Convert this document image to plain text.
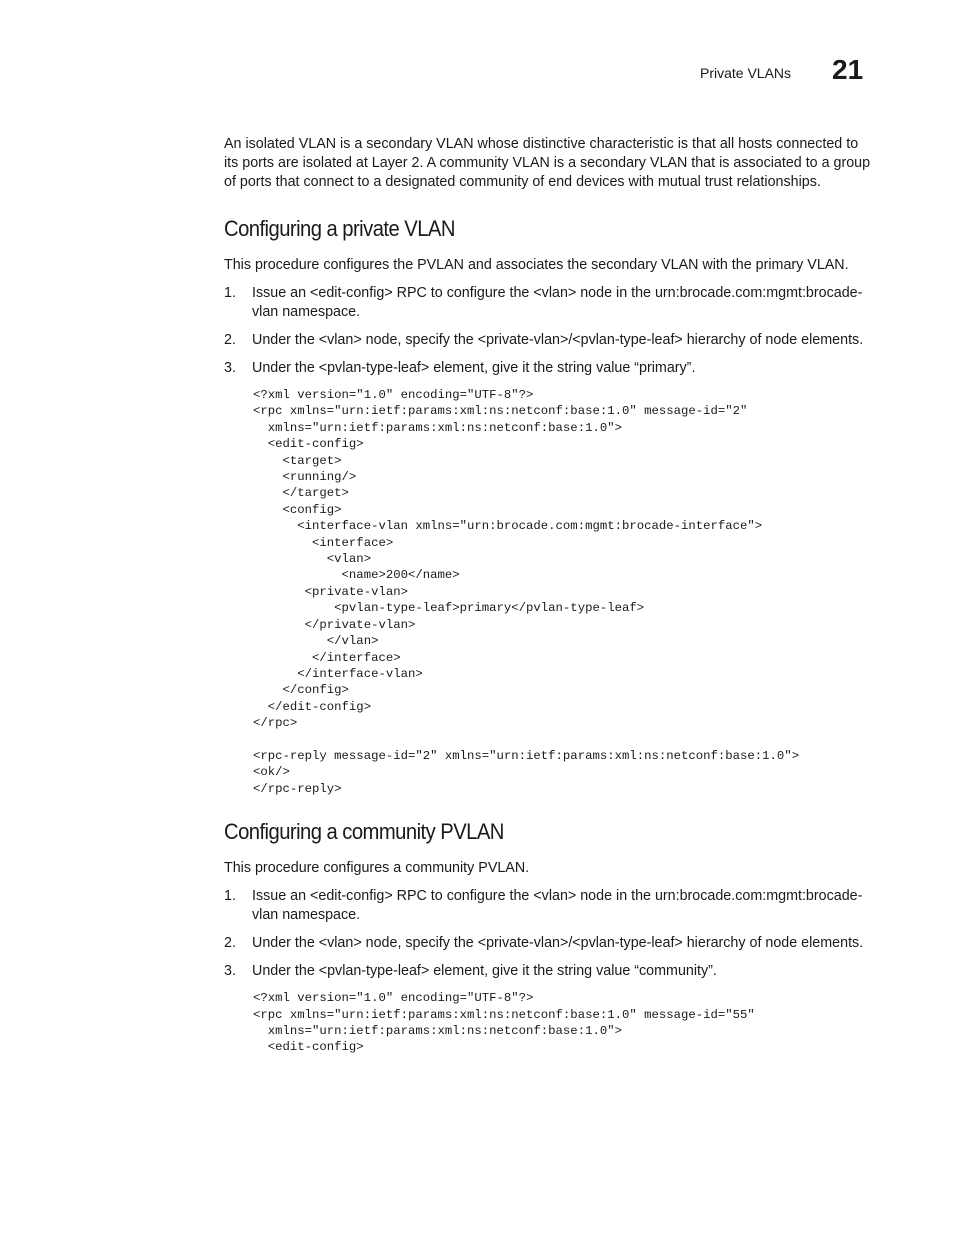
Private VLANs 21

An isolated VLAN is a secondary VLAN whose distinctive characteristic is that all hosts connected to its ports are isolated at Layer 2. A community VLAN is a secondary VLAN that is associated to a group of ports that connect to a designated community of end devices with mutual trust relationships.

Configuring a private VLAN

This procedure configures the PVLAN and associates the secondary VLAN with the primary VLAN.

1. Issue an <edit-config> RPC to configure the <vlan> node in the urn:brocade.com:mgmt:brocade-vlan namespace.
2. Under the <vlan> node, specify the <private-vlan>/<pvlan-type-leaf> hierarchy of node elements.
3. Under the <pvlan-type-leaf> element, give it the string value “primary”.
<?xml version="1.0" encoding="UTF-8"?>
<rpc xmlns="urn:ietf:params:xml:ns:netconf:base:1.0" message-id="2"
xmlns="urn:ietf:params:xml:ns:netconf:base:1.0">
<edit-config>
<target>
<running/>
</target>
<config>
<interface-vlan xmlns="urn:brocade.com:mgmt:brocade-interface">
<interface>
<vlan>
<name>200</name>
<private-vlan>
<pvlan-type-leaf>primary</pvlan-type-leaf>
</private-vlan>
</vlan>
</interface>
</interface-vlan>
</config>
</edit-config>
</rpc>

<rpc-reply message-id="2" xmlns="urn:ietf:params:xml:ns:netconf:base:1.0">
<ok/>
</rpc-reply>
Configuring a community PVLAN

This procedure configures a community PVLAN.

1. Issue an <edit-config> RPC to configure the <vlan> node in the urn:brocade.com:mgmt:brocade-vlan namespace.
2. Under the <vlan> node, specify the <private-vlan>/<pvlan-type-leaf> hierarchy of node elements.
3. Under the <pvlan-type-leaf> element, give it the string value “community”.
<?xml version="1.0" encoding="UTF-8"?>
<rpc xmlns="urn:ietf:params:xml:ns:netconf:base:1.0" message-id="55"
xmlns="urn:ietf:params:xml:ns:netconf:base:1.0">
<edit-config>
